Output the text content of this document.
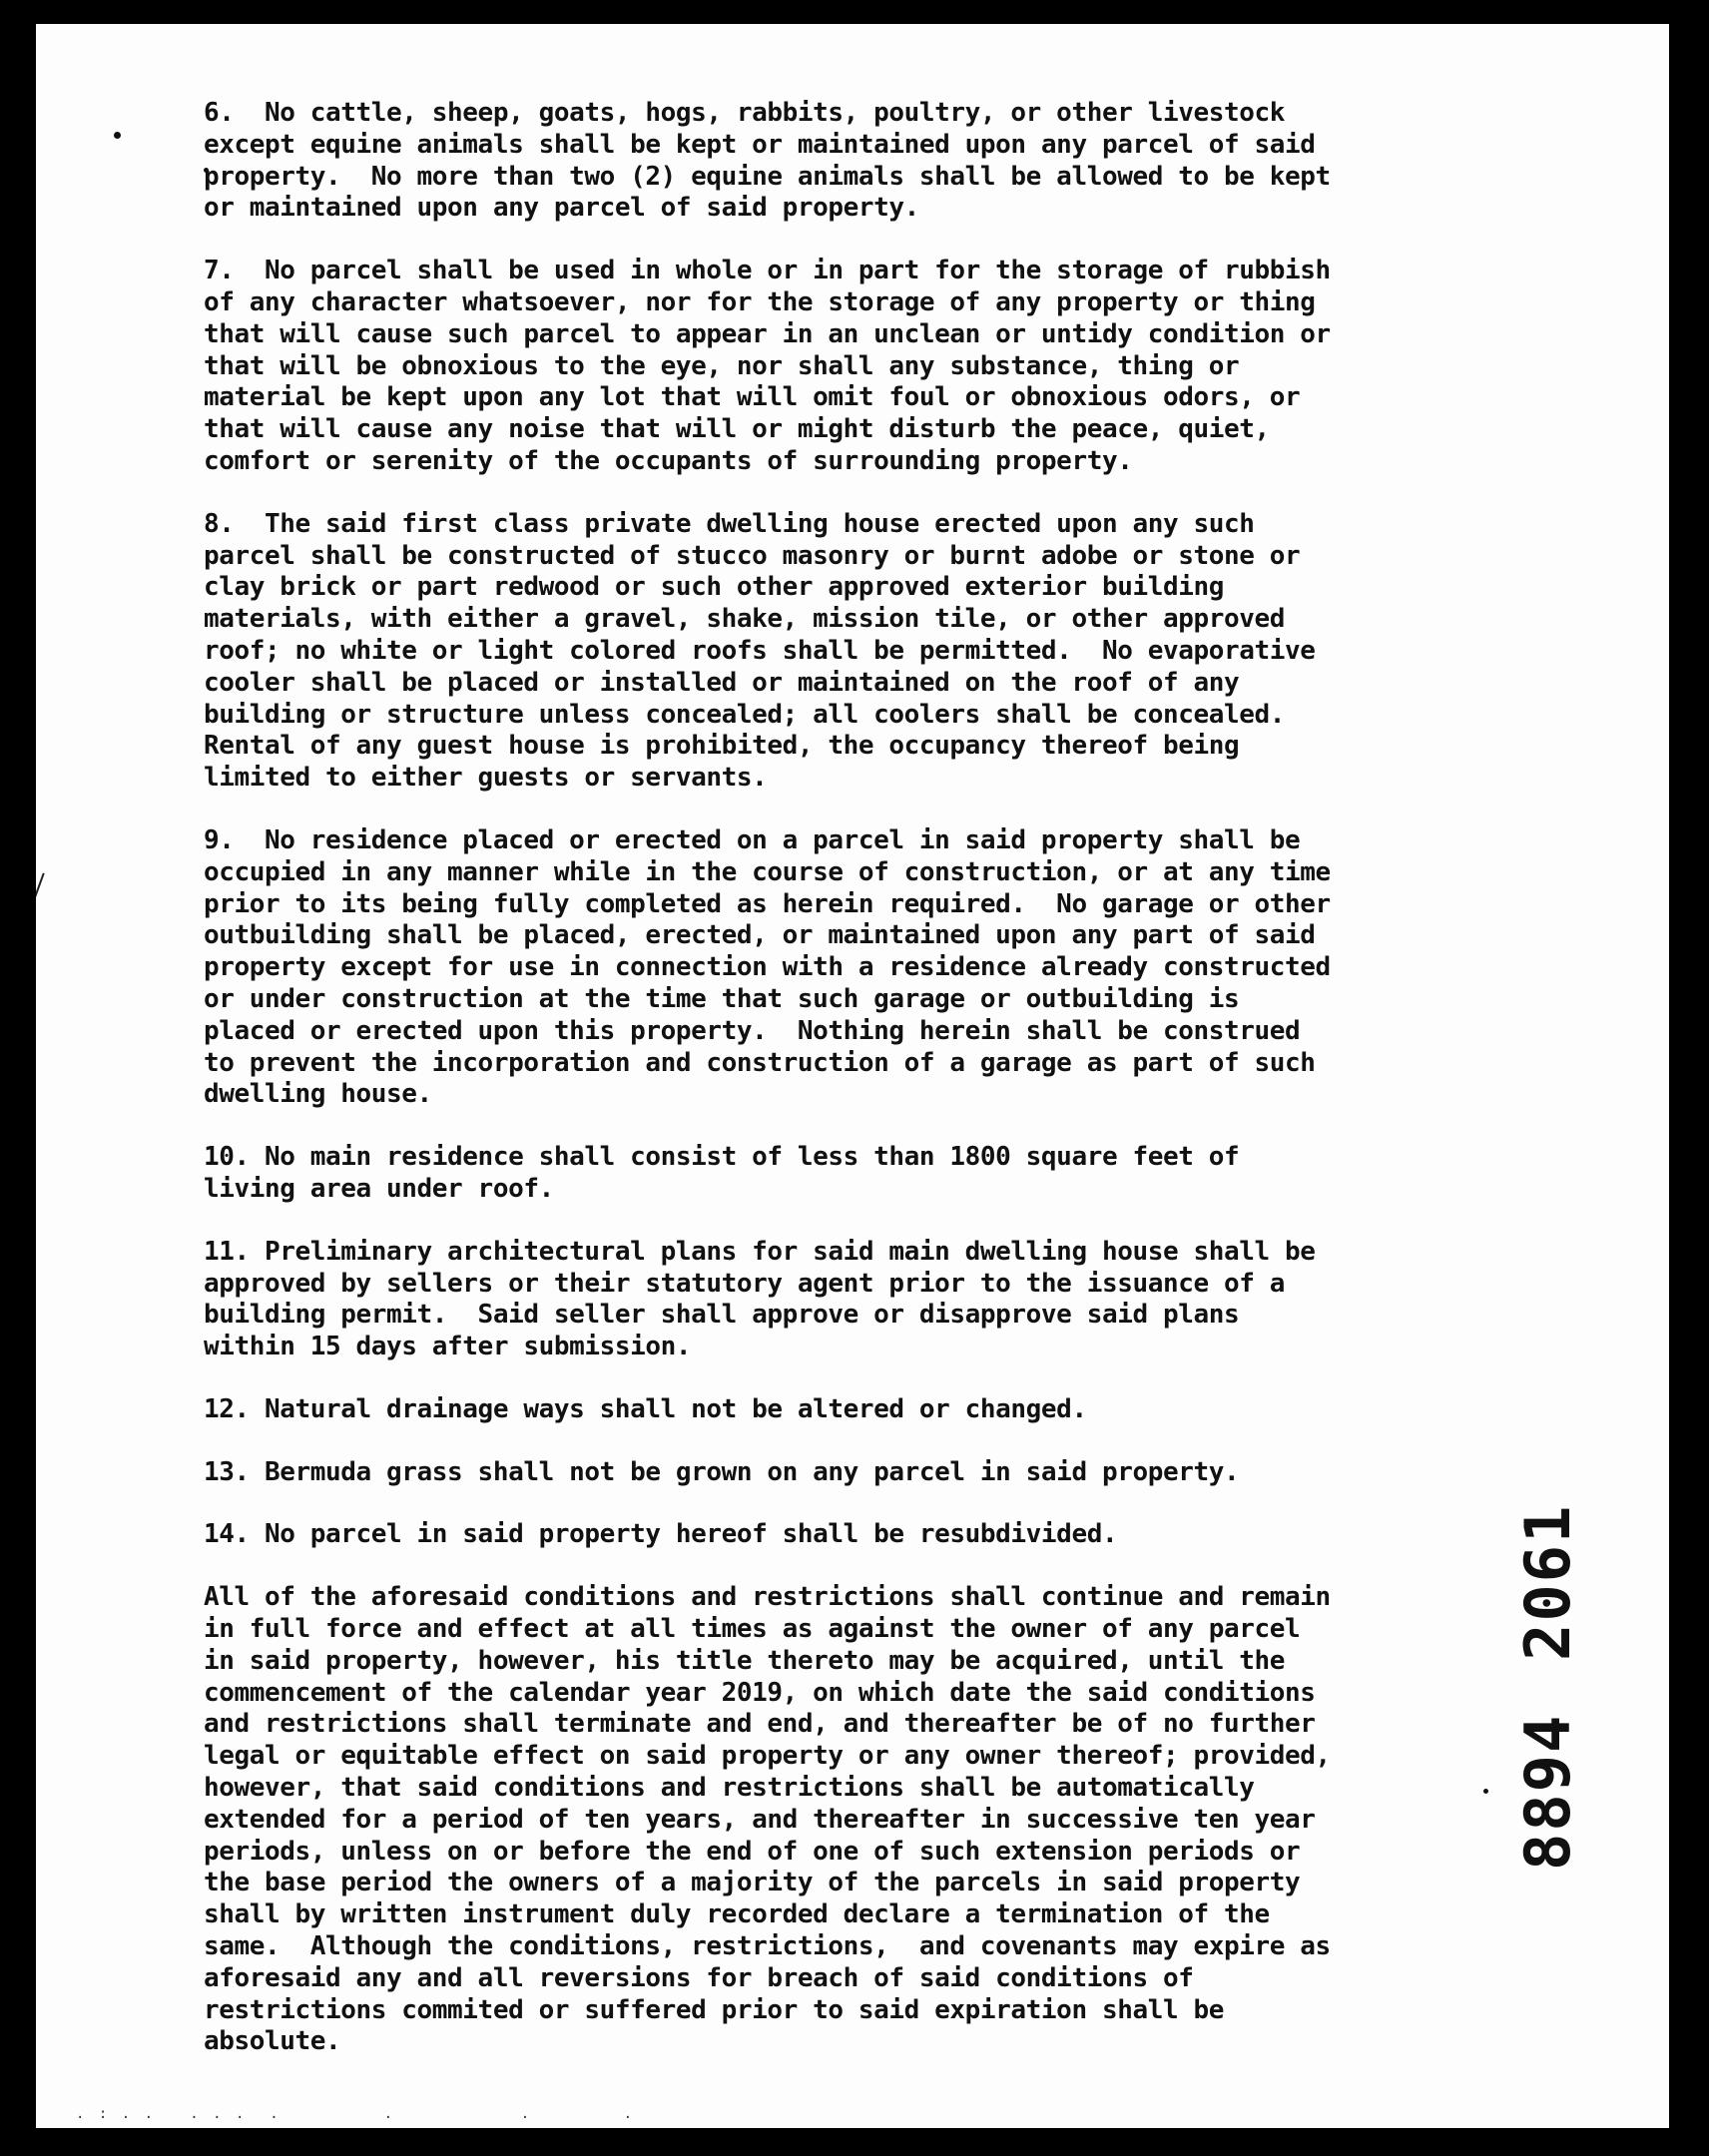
6.  No cattle, sheep, goats, hogs, rabbits, poultry, or other livestock
except equine animals shall be kept or maintained upon any parcel of said
property.  No more than two (2) equine animals shall be allowed to be kept
or maintained upon any parcel of said property.
7.  No parcel shall be used in whole or in part for the storage of rubbish
of any character whatsoever, nor for the storage of any property or thing
that will cause such parcel to appear in an unclean or untidy condition or
that will be obnoxious to the eye, nor shall any substance, thing or
material be kept upon any lot that will omit foul or obnoxious odors, or
that will cause any noise that will or might disturb the peace, quiet,
comfort or serenity of the occupants of surrounding property.
8.  The said first class private dwelling house erected upon any such
parcel shall be constructed of stucco masonry or burnt adobe or stone or
clay brick or part redwood or such other approved exterior building
materials, with either a gravel, shake, mission tile, or other approved
roof; no white or light colored roofs shall be permitted.  No evaporative
cooler shall be placed or installed or maintained on the roof of any
building or structure unless concealed; all coolers shall be concealed.
Rental of any guest house is prohibited, the occupancy thereof being
limited to either guests or servants.
9.  No residence placed or erected on a parcel in said property shall be
occupied in any manner while in the course of construction, or at any time
prior to its being fully completed as herein required.  No garage or other
outbuilding shall be placed, erected, or maintained upon any part of said
property except for use in connection with a residence already constructed
or under construction at the time that such garage or outbuilding is
placed or erected upon this property.  Nothing herein shall be construed
to prevent the incorporation and construction of a garage as part of such
dwelling house.
10. No main residence shall consist of less than 1800 square feet of
living area under roof.
11. Preliminary architectural plans for said main dwelling house shall be
approved by sellers or their statutory agent prior to the issuance of a
building permit.  Said seller shall approve or disapprove said plans
within 15 days after submission.
12. Natural drainage ways shall not be altered or changed.
13. Bermuda grass shall not be grown on any parcel in said property.
14. No parcel in said property hereof shall be resubdivided.
All of the aforesaid conditions and restrictions shall continue and remain
in full force and effect at all times as against the owner of any parcel
in said property, however, his title thereto may be acquired, until the
commencement of the calendar year 2019, on which date the said conditions
and restrictions shall terminate and end, and thereafter be of no further
legal or equitable effect on said property or any owner thereof; provided,
however, that said conditions and restrictions shall be automatically
extended for a period of ten years, and thereafter in successive ten year
periods, unless on or before the end of one of such extension periods or
the base period the owners of a majority of the parcels in said property
shall by written instrument duly recorded declare a termination of the
same.  Although the conditions, restrictions,  and covenants may expire as
aforesaid any and all reversions for breach of said conditions of
restrictions commited or suffered prior to said expiration shall be
absolute.
8894
2061
. : . .   . . .  .         .           .        .
